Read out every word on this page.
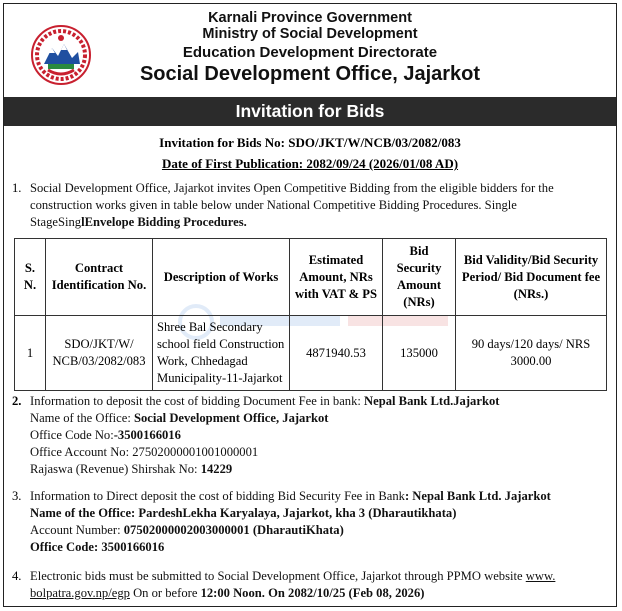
Karnali Province Government
Ministry of Social Development
Education Development Directorate
Social Development Office, Jajarkot
Invitation for Bids
Invitation for Bids No: SDO/JKT/W/NCB/03/2082/083
Date of First Publication: 2082/09/24 (2026/01/08 AD)
1. Social Development Office, Jajarkot invites Open Competitive Bidding from the eligible bidders for the construction works given in table below under National Competitive Bidding Procedures. Single StageSinglEnvelope Bidding Procedures.
S. N.	Contract Identification No.	Description of Works	Estimated Amount, NRs with VAT & PS	Bid Security Amount (NRs)	Bid Validity/Bid Security Period/ Bid Document fee (NRs.)
1	SDO/JKT/W/ NCB/03/2082/083	Shree Bal Secondary school field Construction Work, Chhedagad Municipality-11-Jajarkot	4871940.53	135000	90 days/120 days/ NRS 3000.00
2. Information to deposit the cost of bidding Document Fee in bank: Nepal Bank Ltd.Jajarkot
Name of the Office: Social Development Office, Jajarkot
Office Code No:-3500166016
Office Account No: 27502000001001000001
Rajaswa (Revenue) Shirshak No: 14229
3. Information to Direct deposit the cost of bidding Bid Security Fee in Bank: Nepal Bank Ltd. Jajarkot
Name of the Office: PardeshLekha Karyalaya, Jajarkot, kha 3 (Dharautikhata)
Account Number: 07502000002003000001 (DharautiKhata)
Office Code: 3500166016
4. Electronic bids must be submitted to Social Development Office, Jajarkot through PPMO website www.
bolpatra.gov.np/egp On or before 12:00 Noon. On 2082/10/25 (Feb 08, 2026)
